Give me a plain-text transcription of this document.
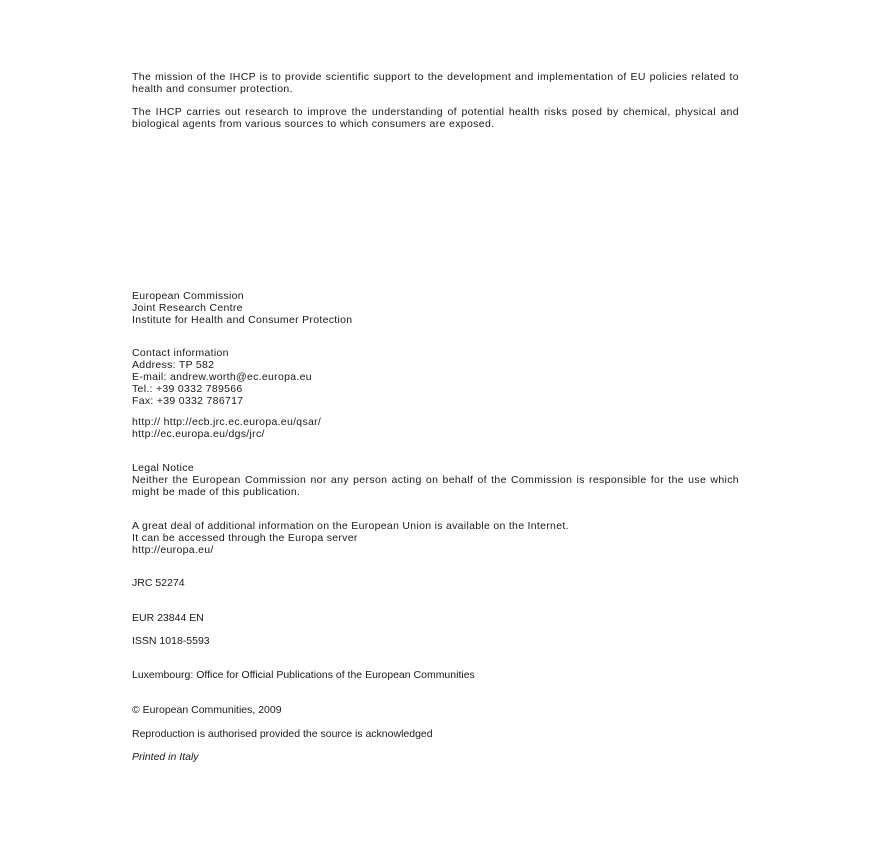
The mission of the IHCP is to provide scientific support to the development and implementation of EU policies related to health and consumer protection.
The IHCP carries out research to improve the understanding of potential health risks posed by chemical, physical and biological agents from various sources to which consumers are exposed.
European Commission
Joint Research Centre
Institute for Health and Consumer Protection
Contact information
Address: TP 582
E-mail: andrew.worth@ec.europa.eu
Tel.: +39 0332 789566
Fax: +39 0332 786717
http:// http://ecb.jrc.ec.europa.eu/qsar/
http://ec.europa.eu/dgs/jrc/
Legal Notice
Neither the European Commission nor any person acting on behalf of the Commission is responsible for the use which might be made of this publication.
A great deal of additional information on the European Union is available on the Internet.
It can be accessed through the Europa server
http://europa.eu/
JRC 52274
EUR 23844 EN
ISSN 1018-5593
Luxembourg: Office for Official Publications of the European Communities
© European Communities, 2009
Reproduction is authorised provided the source is acknowledged
Printed in Italy
